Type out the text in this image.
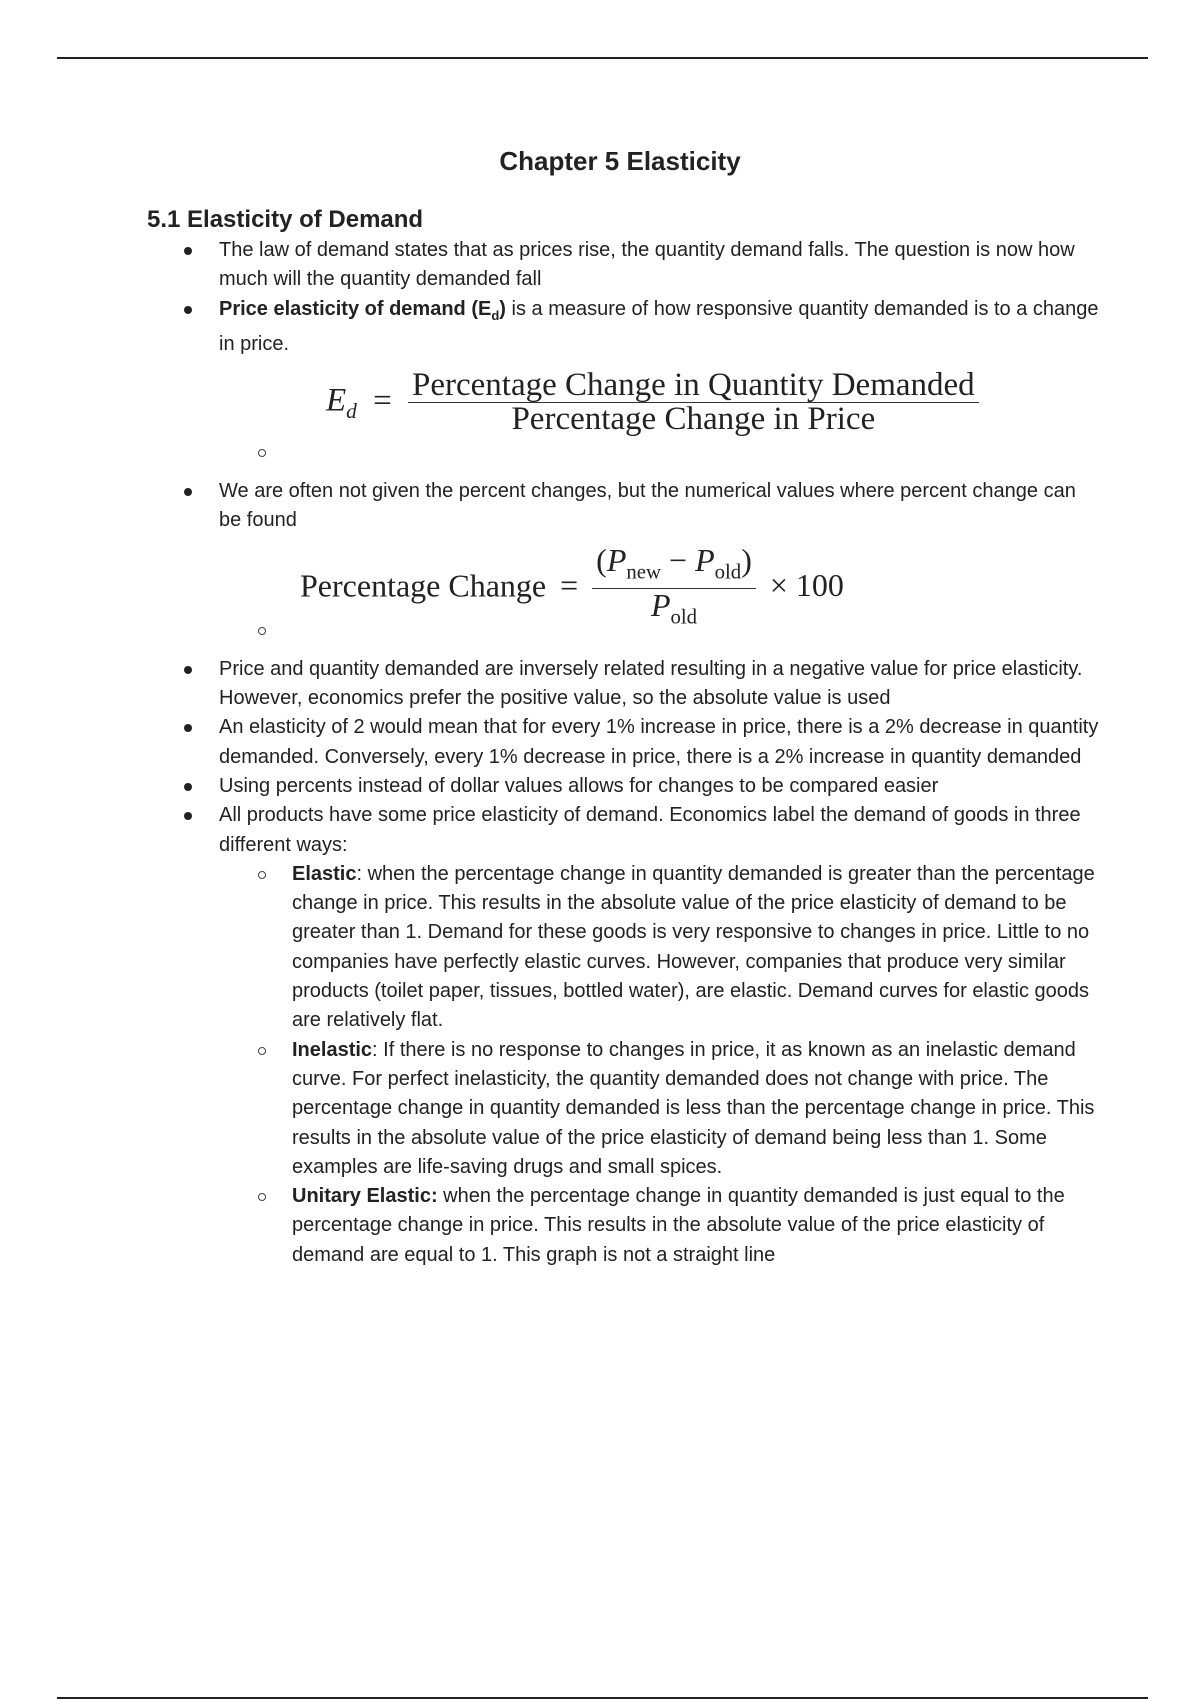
Chapter 5 Elasticity
5.1 Elasticity of Demand
The law of demand states that as prices rise, the quantity demand falls. The question is now how much will the quantity demanded fall
Price elasticity of demand $(E_d)$ is a measure of how responsive quantity demanded is to a change in price.
$E_d = \frac{\text{Percentage Change in Quantity Demanded}}{\text{Percentage Change in Price}}$
We are often not given the percent changes, but the numerical values where percent change can be found
Percentage Change = $\frac{(P_{new} - P_{old})}{P_{old}} \times 100$
Price and quantity demanded are inversely related resulting in a negative value for price elasticity. However, economics prefer the positive value, so the absolute value is used
An elasticity of 2 would mean that for every 1% increase in price, there is a 2% decrease in quantity demanded. Conversely, every 1% decrease in price, there is a 2% increase in quantity demanded
Using percents instead of dollar values allows for changes to be compared easier
All products have some price elasticity of demand. Economics label the demand of goods in three different ways:
Elastic: when the percentage change in quantity demanded is greater than the percentage change in price. This results in the absolute value of the price elasticity of demand to be greater than 1. Demand for these goods is very responsive to changes in price. Little to no companies have perfectly elastic curves. However, companies that produce very similar products (toilet paper, tissues, bottled water), are elastic. Demand curves for elastic goods are relatively flat.
Inelastic: If there is no response to changes in price, it as known as an inelastic demand curve. For perfect inelasticity, the quantity demanded does not change with price. The percentage change in quantity demanded is less than the percentage change in price. This results in the absolute value of the price elasticity of demand being less than 1. Some examples are life-saving drugs and small spices.
Unitary Elastic: when the percentage change in quantity demanded is just equal to the percentage change in price. This results in the absolute value of the price elasticity of demand are equal to 1. This graph is not a straight line
